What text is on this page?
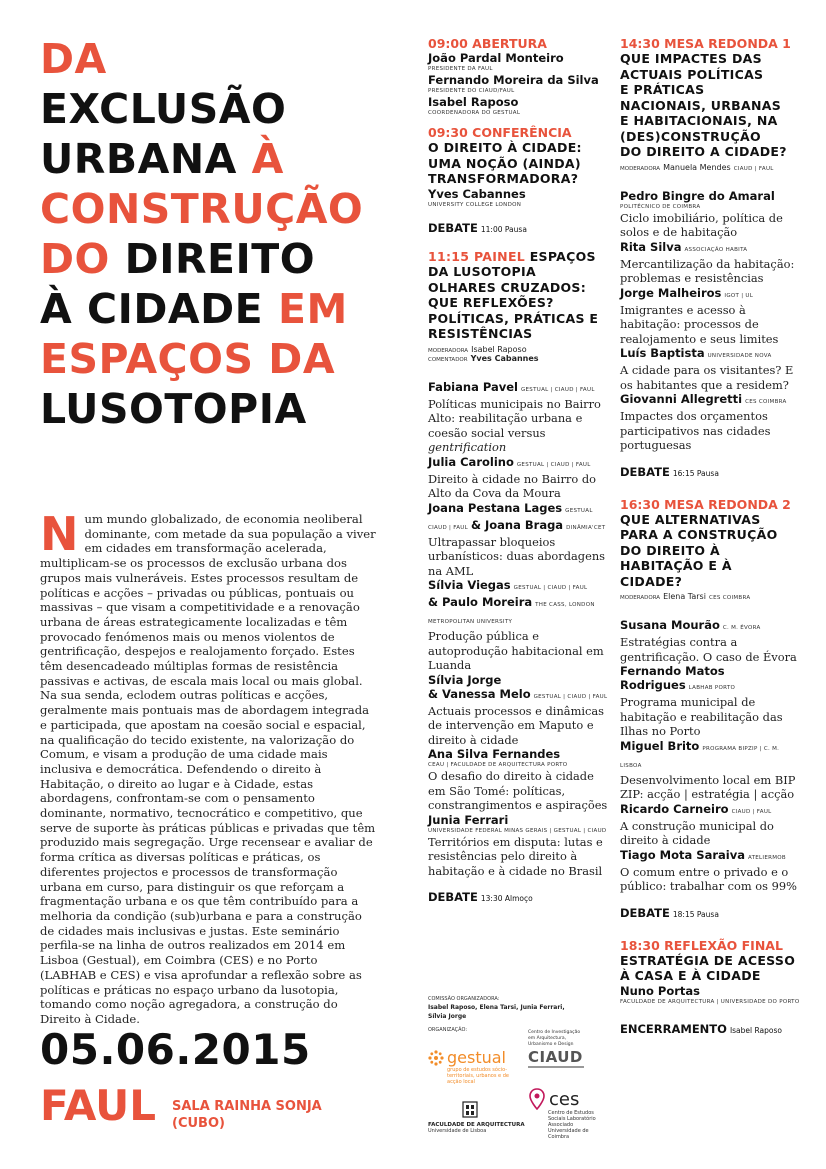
DA
EXCLUSÃO
URBANA À
CONSTRUÇÃO
DO DIREITO
À CIDADE EM
ESPAÇOS DA
LUSOTOPIA

Num mundo globalizado, de economia neoliberal dominante, com metade da sua população a viver em cidades em transformação acelerada, multiplicam-se os processos de exclusão urbana dos grupos mais vulneráveis. Estes processos resultam de políticas e acções – privadas ou públicas, pontuais ou massivas – que visam a competitividade e a renovação urbana de áreas estrategicamente localizadas e têm provocado fenómenos mais ou menos violentos de gentrificação, despejos e realojamento forçado. Estes têm desencadeado múltiplas formas de resistência passivas e activas, de escala mais local ou mais global. Na sua senda, eclodem outras políticas e acções, geralmente mais pontuais mas de abordagem integrada e participada, que apostam na coesão social e espacial, na qualificação do tecido existente, na valorização do Comum, e visam a produção de uma cidade mais inclusiva e democrática. Defendendo o direito à Habitação, o direito ao lugar e à Cidade, estas abordagens, confrontam-se com o pensamento dominante, normativo, tecnocrático e competitivo, que serve de suporte às práticas públicas e privadas que têm produzido mais segregação. Urge recensear e avaliar de forma crítica as diversas políticas e práticas, os diferentes projectos e processos de transformação urbana em curso, para distinguir os que reforçam a fragmentação urbana e os que têm contribuído para a melhoria da condição (sub)urbana e para a construção de cidades mais inclusivas e justas. Este seminário perfila-se na linha de outros realizados em 2014 em Lisboa (Gestual), em Coimbra (CES) e no Porto (LABHAB e CES) e visa aprofundar a reflexão sobre as políticas e práticas no espaço urbano da lusotopia, tomando como noção agregadora, a construção do Direito à Cidade.

05.06.2015
FAUL SALA RAINHA SONJA
(CUBO)
09:00 ABERTURA
João Pardal Monteiro
PRESIDENTE DA FAUL
Fernando Moreira da Silva
PRESIDENTE DO CIAUD/FAUL
Isabel Raposo
COORDENADORA DO GESTUAL
09:30 CONFERÊNCIA
O DIREITO À CIDADE:
UMA NOÇÃO (AINDA)
TRANSFORMADORA?
Yves Cabannes
UNIVERSITY COLLEGE LONDON
DEBATE 11:00 Pausa
11:15 PAINEL ESPAÇOS
DA LUSOTOPIA
OLHARES CRUZADOS:
QUE REFLEXÕES?
POLÍTICAS, PRÁTICAS E
RESISTÊNCIAS
MODERADORA Isabel Raposo
COMENTADOR Yves Cabannes
Fabiana Pavel GESTUAL | CIAUD | FAUL
Políticas municipais no Bairro Alto: reabilitação urbana e coesão social versus gentrification
Julia Carolino GESTUAL | CIAUD | FAUL
Direito à cidade no Bairro do Alto da Cova da Moura
Joana Pestana Lages GESTUAL
CIAUD | FAUL & Joana Braga DINÂMIA'CET
Ultrapassar bloqueios urbanísticos: duas abordagens na AML
Sílvia Viegas GESTUAL | CIAUD | FAUL
& Paulo Moreira THE CASS, LONDON METROPOLITAN UNIVERSITY
Produção pública e autoprodução habitacional em Luanda
Sílvia Jorge
& Vanessa Melo GESTUAL | CIAUD | FAUL
Actuais processos e dinâmicas de intervenção em Maputo e direito à cidade
Ana Silva Fernandes
CEAU | FACULDADE DE ARQUITECTURA PORTO
O desafio do direito à cidade em São Tomé: políticas, constrangimentos e aspirações
Junia Ferrari
UNIVERSIDADE FEDERAL MINAS GERAIS | GESTUAL | CIAUD
Territórios em disputa: lutas e resistências pelo direito à habitação e à cidade no Brasil
DEBATE 13:30 Almoço
14:30 MESA REDONDA 1
QUE IMPACTES DAS
ACTUAIS POLÍTICAS
E PRÁTICAS
NACIONAIS, URBANAS
E HABITACIONAIS, NA
(DES)CONSTRUÇÃO
DO DIREITO A CIDADE?
MODERADORA Manuela Mendes CIAUD | FAUL
Pedro Bingre do Amaral
POLITÉCNICO DE COIMBRA
Ciclo imobiliário, política de solos e de habitação
Rita Silva ASSOCIAÇÃO HABITA
Mercantilização da habitação: problemas e resistências
Jorge Malheiros IGOT | UL
Imigrantes e acesso à habitação: processos de realojamento e seus limites
Luís Baptista UNIVERSIDADE NOVA
A cidade para os visitantes? E os habitantes que a residem?
Giovanni Allegretti CES COIMBRA
Impactes dos orçamentos participativos nas cidades portuguesas
DEBATE 16:15 Pausa
16:30 MESA REDONDA 2
QUE ALTERNATIVAS
PARA A CONSTRUÇÃO
DO DIREITO À
HABITAÇÃO E À
CIDADE?
MODERADORA Elena Tarsi CES COIMBRA
Susana Mourão C. M. ÉVORA
Estratégias contra a gentrificação. O caso de Évora
Fernando Matos
Rodrigues LABHAB PORTO
Programa municipal de habitação e reabilitação das Ilhas no Porto
Miguel Brito PROGRAMA BIPZIP | C. M. LISBOA
Desenvolvimento local em BIP ZIP: acção | estratégia | acção
Ricardo Carneiro CIAUD | FAUL
A construção municipal do direito à cidade
Tiago Mota Saraiva ATELIERMOB
O comum entre o privado e o público: trabalhar com os 99%
DEBATE 18:15 Pausa
18:30 REFLEXÃO FINAL
ESTRATÉGIA DE ACESSO
À CASA E À CIDADE
Nuno Portas
FACULDADE DE ARQUITECTURA | UNIVERSIDADE DO PORTO
ENCERRAMENTO Isabel Raposo
COMISSÃO ORGANIZADORA:
Isabel Raposo, Elena Tarsi, Junia Ferrari, Sílvia Jorge
ORGANIZAÇÃO:
gestual
grupo de estudos sócio-territoriais, urbanos e de acção local
Centro de Investigação em Arquitectura, Urbanismo e Design
CIAUD
FACULDADE DE ARQUITECTURA
Universidade de Lisboa
ces
Centro de Estudos Sociais Laboratório Associado Universidade de Coimbra
